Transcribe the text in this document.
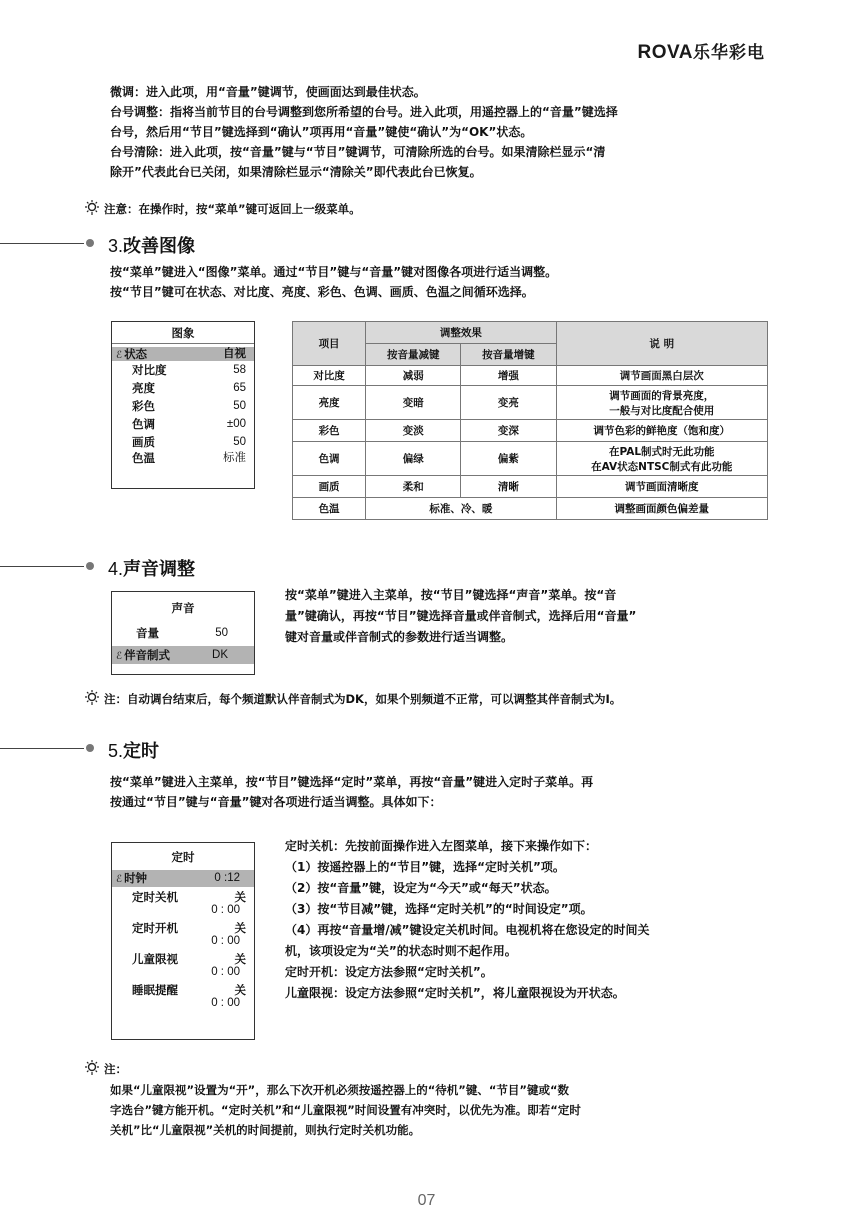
ROVA乐华彩电

微调：进入此项，用“音量”键调节，使画面达到最佳状态。

台号调整：指将当前节目的台号调整到您所希望的台号。进入此项，用遥控器上的“音量”键选择

台号，然后用“节目”键选择到“确认”项再用“音量”键使“确认”为“OK”状态。

台号清除：进入此项，按“音量”键与“节目”键调节，可清除所选的台号。如果清除栏显示“清

除开”代表此台已关闭，如果清除栏显示“清除关”即代表此台已恢复。

注意：在操作时，按“菜单”键可返回上一级菜单。
3.改善图像

按“菜单”键进入“图像”菜单。通过“节目”键与“音量”键对图像各项进行适当调整。

按“节目”键可在状态、对比度、亮度、彩色、色调、画质、色温之间循环选择。

图象
ℰ 状态	自视
对比度	58
亮度	65
彩色	50
色调	±00
画质	50
色温	标准
项目	调整效果		说 明
	按音量减键	按音量增键	
对比度	减弱	增强	调节画面黑白层次
亮度	变暗	变亮	调节画面的背景亮度，
一般与对比度配合使用

彩色	变淡	变深	调节色彩的鲜艳度（饱和度）
色调	偏绿	偏紫	在PAL制式时无此功能
在AV状态NTSC制式有此功能

画质	柔和	清晰	调节画面清晰度
色温	标准、冷、暖		调整画面颜色偏差量
4.声音调整
声音
音量	50
ℰ 伴音制式	DK

按“菜单”键进入主菜单，按“节目”键选择“声音”菜单。按“音

量”键确认，再按“节目”键选择音量或伴音制式，选择后用“音量”

键对音量或伴音制式的参数进行适当调整。

注：自动调台结束后，每个频道默认伴音制式为DK，如果个别频道不正常，可以调整其伴音制式为I。
5.定时

按“菜单”键进入主菜单，按“节目”键选择“定时”菜单，再按“音量”键进入定时子菜单。再

按通过“节目”键与“音量”键对各项进行适当调整。具体如下：

定时
ℰ 时钟	0 :12
定时关机	关
0 : 00
定时开机	关
0 : 00
儿童限视	关
0 : 00
睡眠提醒	关
0 : 00

定时关机：先按前面操作进入左图菜单，接下来操作如下：

（1）按遥控器上的“节目”键，选择“定时关机”项。

（2）按“音量”键，设定为“今天”或“每天”状态。

（3）按“节目减”键，选择“定时关机”的“时间设定”项。

（4）再按“音量增/减”键设定关机时间。电视机将在您设定的时间关

机，该项设定为“关”的状态时则不起作用。

定时开机：设定方法参照“定时关机”。

儿童限视：设定方法参照“定时关机”，将儿童限视设为开状态。

注：
如果“儿童限视”设置为“开”，那么下次开机必须按遥控器上的“待机”键、“节目”键或“数
字选台”键方能开机。“定时关机”和“儿童限视”时间设置有冲突时，以优先为准。即若“定时
关机”比“儿童限视”关机的时间提前，则执行定时关机功能。
07
